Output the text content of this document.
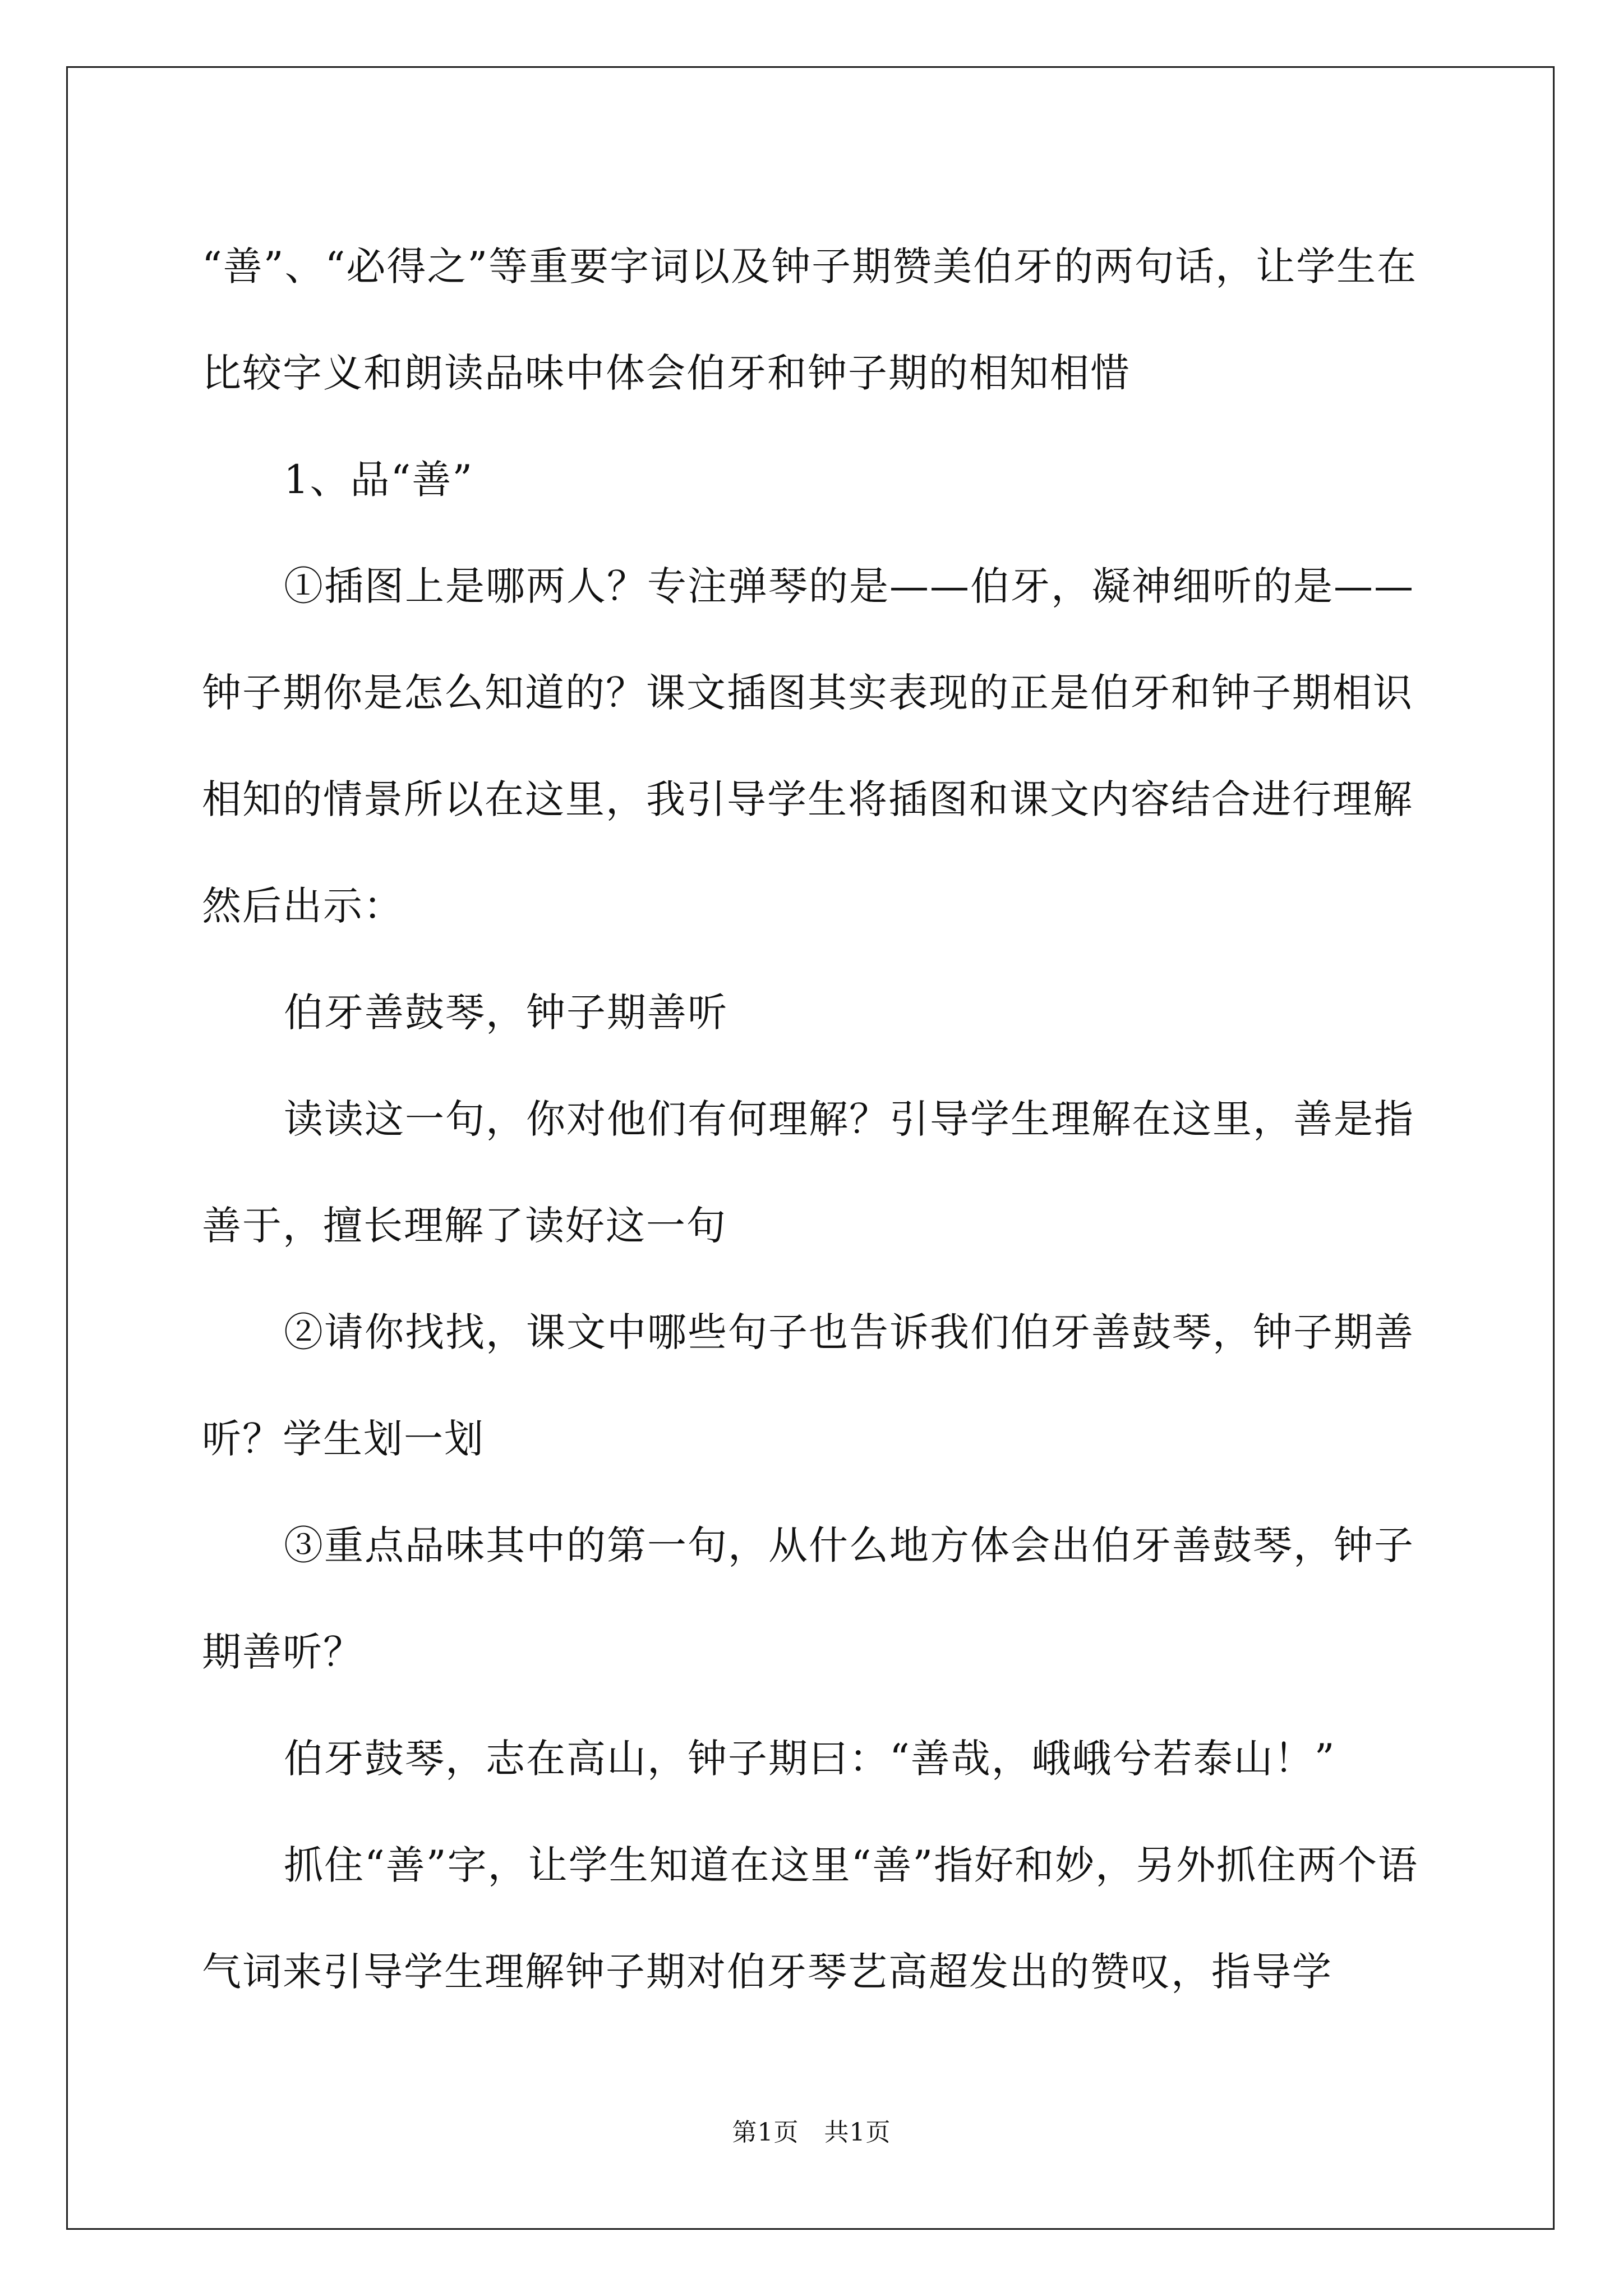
“善”、“必得之”等重要字词以及钟子期赞美伯牙的两句话，让学生在比较字义和朗读品味中体会伯牙和钟子期的相知相惜

1、品“善”

①插图上是哪两人？专注弹琴的是——伯牙，凝神细听的是——钟子期你是怎么知道的？课文插图其实表现的正是伯牙和钟子期相识相知的情景所以在这里，我引导学生将插图和课文内容结合进行理解然后出示：

伯牙善鼓琴，钟子期善听

读读这一句，你对他们有何理解？引导学生理解在这里，善是指善于，擅长理解了读好这一句

②请你找找，课文中哪些句子也告诉我们伯牙善鼓琴，钟子期善听？学生划一划

③重点品味其中的第一句，从什么地方体会出伯牙善鼓琴，钟子期善听？

伯牙鼓琴，志在高山，钟子期曰：“善哉，峨峨兮若泰山！”

抓住“善”字，让学生知道在这里“善”指好和妙，另外抓住两个语气词来引导学生理解钟子期对伯牙琴艺高超发出的赞叹，指导学

第1页　共1页
